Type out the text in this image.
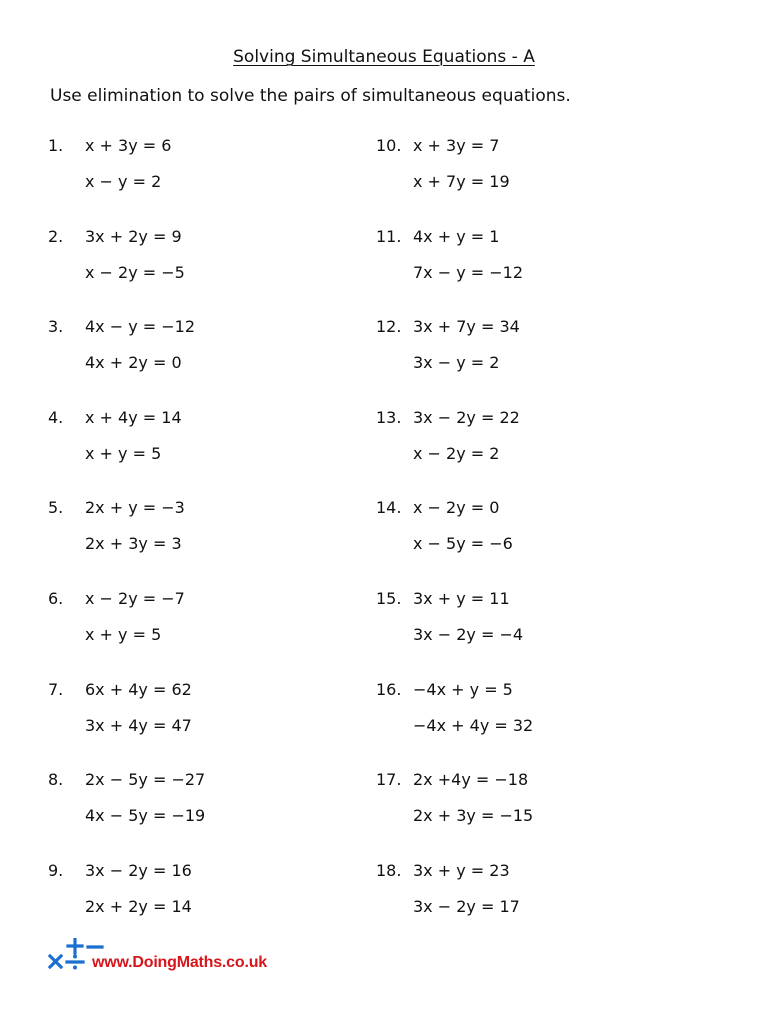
Solving Simultaneous Equations - A
Use elimination to solve the pairs of simultaneous equations.
1. x + 3y = 6
x − y = 2
2. 3x + 2y = 9
x − 2y = −5
3. 4x − y = −12
4x + 2y = 0
4. x + 4y = 14
x + y = 5
5. 2x + y = −3
2x + 3y = 3
6. x − 2y = −7
x + y = 5
7. 6x + 4y = 62
3x + 4y = 47
8. 2x − 5y = −27
4x − 5y = −19
9. 3x − 2y = 16
2x + 2y = 14
10. x + 3y = 7
x + 7y = 19
11. 4x + y = 1
7x − y = −12
12. 3x + 7y = 34
3x − y = 2
13. 3x − 2y = 22
x − 2y = 2
14. x − 2y = 0
x − 5y = −6
15. 3x + y = 11
3x − 2y = −4
16. −4x + y = 5
−4x + 4y = 32
17. 2x +4y = −18
2x + 3y = −15
18. 3x + y = 23
3x − 2y = 17
www.DoingMaths.co.uk
